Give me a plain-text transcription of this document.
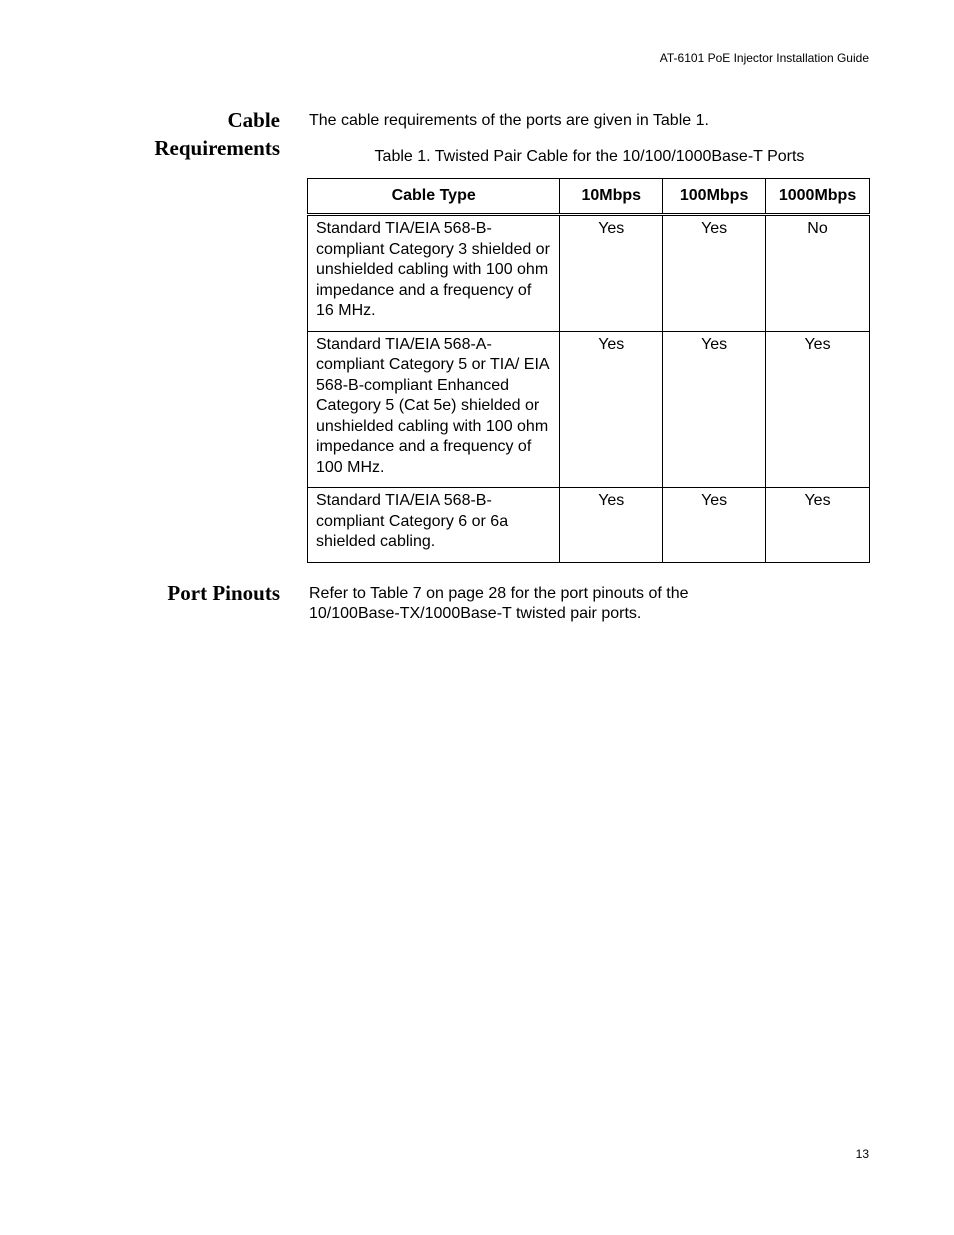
AT-6101 PoE Injector Installation Guide
Cable
Requirements
The cable requirements of the ports are given in Table 1.
Table 1. Twisted Pair Cable for the 10/100/1000Base-T Ports
Cable Type	10Mbps	100Mbps	1000Mbps
Standard TIA/EIA 568-B-compliant Category 3 shielded or unshielded cabling with 100 ohm impedance and a frequency of 16 MHz.	Yes	Yes	No
Standard TIA/EIA 568-A-compliant Category 5 or TIA/ EIA 568-B-compliant Enhanced Category 5 (Cat 5e) shielded or unshielded cabling with 100 ohm impedance and a frequency of 100 MHz.	Yes	Yes	Yes
Standard TIA/EIA 568-B-compliant Category 6 or 6a shielded cabling.	Yes	Yes	Yes
Port Pinouts Refer to Table 7 on page 28 for the port pinouts of the 10/100Base-TX/1000Base-T twisted pair ports.
13
